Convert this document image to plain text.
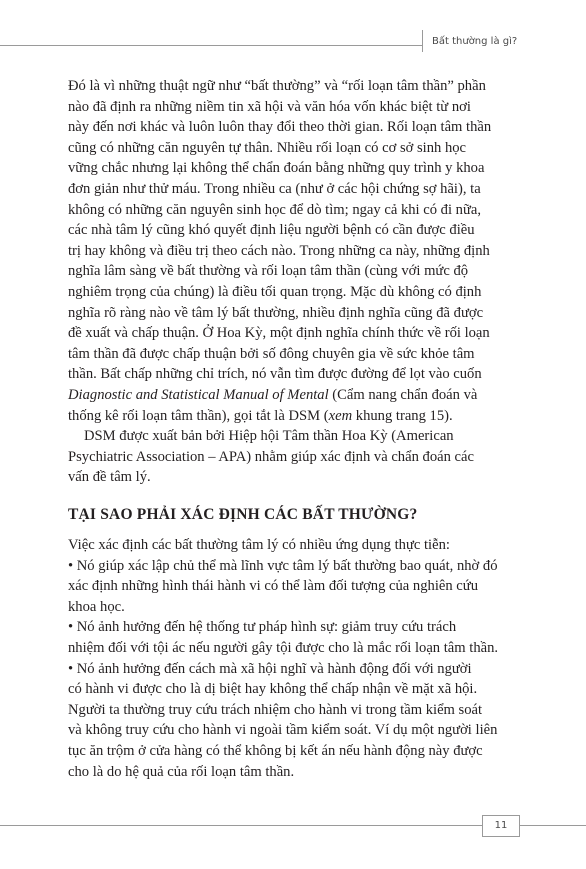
Bất thường là gì?
Đó là vì những thuật ngữ như “bất thường” và “rối loạn tâm thần” phần
nào đã định ra những niềm tin xã hội và văn hóa vốn khác biệt từ nơi
này đến nơi khác và luôn luôn thay đổi theo thời gian. Rối loạn tâm thần
cũng có những căn nguyên tự thân. Nhiều rối loạn có cơ sở sinh học
vững chắc nhưng lại không thể chẩn đoán bằng những quy trình y khoa
đơn giản như thử máu. Trong nhiều ca (như ở các hội chứng sợ hãi), ta
không có những căn nguyên sinh học để dò tìm; ngay cả khi có đi nữa,
các nhà tâm lý cũng khó quyết định liệu người bệnh có cần được điều
trị hay không và điều trị theo cách nào. Trong những ca này, những định
nghĩa lâm sàng về bất thường và rối loạn tâm thần (cùng với mức độ
nghiêm trọng của chúng) là điều tối quan trọng. Mặc dù không có định
nghĩa rõ ràng nào về tâm lý bất thường, nhiều định nghĩa cũng đã được
đề xuất và chấp thuận. Ở Hoa Kỳ, một định nghĩa chính thức về rối loạn
tâm thần đã được chấp thuận bởi số đông chuyên gia về sức khỏe tâm
thần. Bất chấp những chỉ trích, nó vẫn tìm được đường để lọt vào cuốn
Diagnostic and Statistical Manual of Mental (Cẩm nang chẩn đoán và
thống kê rối loạn tâm thần), gọi tắt là DSM (xem khung trang 15).
DSM được xuất bản bởi Hiệp hội Tâm thần Hoa Kỳ (American
Psychiatric Association – APA) nhằm giúp xác định và chẩn đoán các
vấn đề tâm lý.
TẠI SAO PHẢI XÁC ĐỊNH CÁC BẤT THƯỜNG?
Việc xác định các bất thường tâm lý có nhiều ứng dụng thực tiễn:
• Nó giúp xác lập chủ thể mà lĩnh vực tâm lý bất thường bao quát, nhờ đó
xác định những hình thái hành vi có thể làm đối tượng của nghiên cứu
khoa học.
• Nó ảnh hưởng đến hệ thống tư pháp hình sự: giảm truy cứu trách
nhiệm đối với tội ác nếu người gây tội được cho là mắc rối loạn tâm thần.
• Nó ảnh hưởng đến cách mà xã hội nghĩ và hành động đối với người
có hành vi được cho là dị biệt hay không thể chấp nhận về mặt xã hội.
Người ta thường truy cứu trách nhiệm cho hành vi trong tầm kiểm soát
và không truy cứu cho hành vi ngoài tầm kiểm soát. Ví dụ một người liên
tục ăn trộm ở cửa hàng có thể không bị kết án nếu hành động này được
cho là do hệ quả của rối loạn tâm thần.
11
